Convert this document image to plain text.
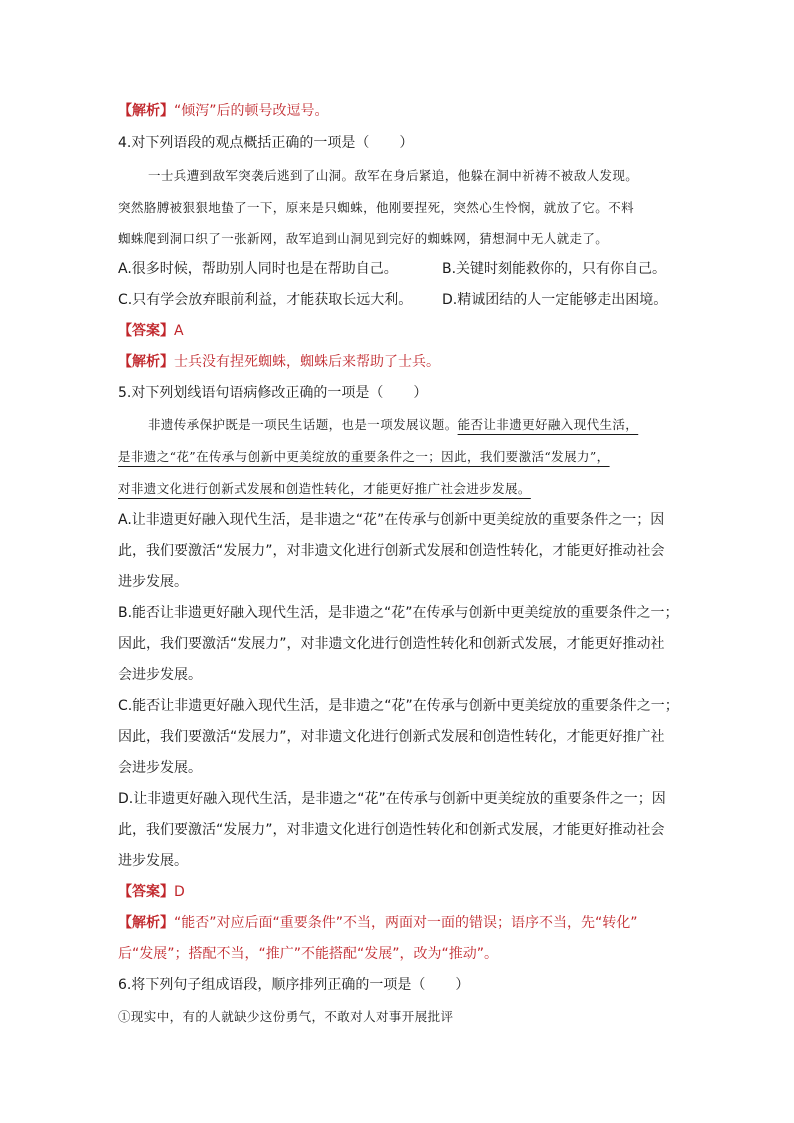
【解析】“倾泻”后的顿号改逗号。
4.对下列语段的观点概括正确的一项是（ ）
一士兵遭到敌军突袭后逃到了山洞。敌军在身后紧追，他躲在洞中祈祷不被敌人发现。
突然胳膊被狠狠地蛰了一下，原来是只蜘蛛，他刚要捏死，突然心生怜悯，就放了它。不料
蜘蛛爬到洞口织了一张新网，敌军追到山洞见到完好的蜘蛛网，猜想洞中无人就走了。
A.很多时候，帮助别人同时也是在帮助自己。	B.关键时刻能救你的，只有你自己。
C.只有学会放弃眼前利益，才能获取长远大利。 D.精诚团结的人一定能够走出困境。
【答案】A
【解析】士兵没有捏死蜘蛛，蜘蛛后来帮助了士兵。
5.对下列划线语句语病修改正确的一项是（ ）
非遗传承保护既是一项民生话题，也是一项发展议题。能否让非遗更好融入现代生活，
是非遗之“花”在传承与创新中更美绽放的重要条件之一；因此，我们要激活“发展力”，
对非遗文化进行创新式发展和创造性转化，才能更好推广社会进步发展。
A.让非遗更好融入现代生活，是非遗之“花”在传承与创新中更美绽放的重要条件之一；因
此，我们要激活“发展力”，对非遗文化进行创新式发展和创造性转化，才能更好推动社会
进步发展。
B.能否让非遗更好融入现代生活，是非遗之“花”在传承与创新中更美绽放的重要条件之一；
因此，我们要激活“发展力”，对非遗文化进行创造性转化和创新式发展，才能更好推动社
会进步发展。
C.能否让非遗更好融入现代生活，是非遗之“花”在传承与创新中更美绽放的重要条件之一；
因此，我们要激活“发展力”，对非遗文化进行创新式发展和创造性转化，才能更好推广社
会进步发展。
D.让非遗更好融入现代生活，是非遗之“花”在传承与创新中更美绽放的重要条件之一；因
此，我们要激活“发展力”，对非遗文化进行创造性转化和创新式发展，才能更好推动社会
进步发展。
【答案】D
【解析】“能否”对应后面“重要条件”不当，两面对一面的错误；语序不当，先“转化”
后“发展”；搭配不当，“推广”不能搭配“发展”，改为“推动”。
6.将下列句子组成语段，顺序排列正确的一项是（ ）
①现实中，有的人就缺少这份勇气，不敢对人对事开展批评
